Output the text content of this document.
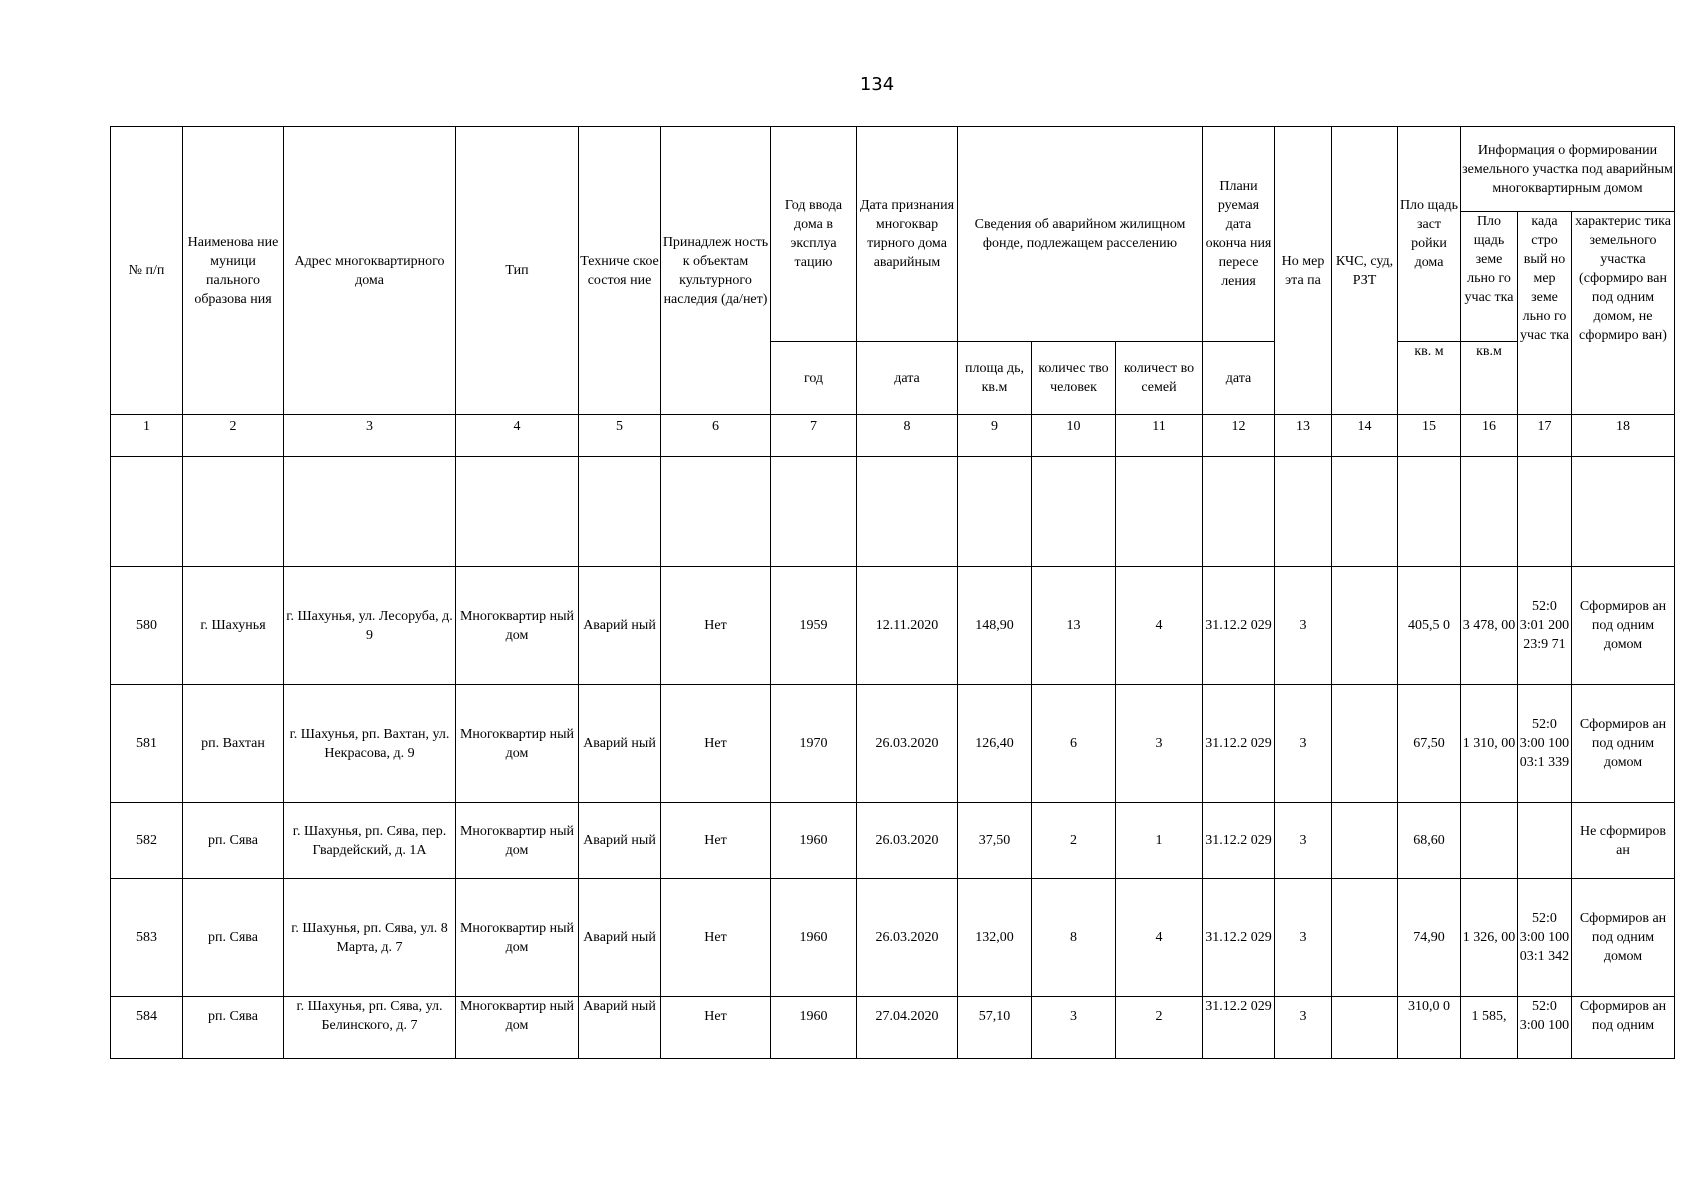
134
№ п/п	Наименова ние муници пального образова ния	Адрес многоквартирного дома	Тип	Техниче ское состоя ние	Принадлеж ность к объектам культурного наследия (да/нет)	Год ввода дома в эксплуа тацию	Дата признания многоквар тирного дома аварийным	Сведения об аварийном жилищном фонде, подлежащем расселению			Плани руемая дата оконча ния пересе ления	Но мер эта па	КЧС, суд, РЗТ	Пло щадь заст ройки дома	Информация о формировании земельного участка под аварийным многоквартирным домом		
															Пло щадь земе льно го учас тка	када стро вый но мер земе льно го учас тка	характерис тика земельного участка (сформиро ван под одним домом, не сформиро ван)
						год	дата	площа дь, кв.м	количес тво человек	количест во семей	дата			кв. м	кв.м		
1	2	3	4	5	6	7	8	9	10	11	12	13	14	15	16	17	18

580	г. Шахунья	г. Шахунья, ул. Лесоруба, д. 9	Многоквартир ный дом	Аварий ный	Нет	1959	12.11.2020	148,90	13	4	31.12.2 029	3		405,5 0	3 478, 00	52:0 3:01 200 23:9 71	Сформиров ан под одним домом
581	рп. Вахтан	г. Шахунья, рп. Вахтан, ул. Некрасова, д. 9	Многоквартир ный дом	Аварий ный	Нет	1970	26.03.2020	126,40	6	3	31.12.2 029	3		67,50	1 310, 00	52:0 3:00 100 03:1 339	Сформиров ан под одним домом
582	рп. Сява	г. Шахунья, рп. Сява, пер. Гвардейский, д. 1А	Многоквартир ный дом	Аварий ный	Нет	1960	26.03.2020	37,50	2	1	31.12.2 029	3		68,60			Не сформиров ан
583	рп. Сява	г. Шахунья, рп. Сява, ул. 8 Марта, д. 7	Многоквартир ный дом	Аварий ный	Нет	1960	26.03.2020	132,00	8	4	31.12.2 029	3		74,90	1 326, 00	52:0 3:00 100 03:1 342	Сформиров ан под одним домом
584	рп. Сява	г. Шахунья, рп. Сява, ул. Белинского, д. 7	Многоквартир ный дом	Аварий ный	Нет	1960	27.04.2020	57,10	3	2	31.12.2 029	3		310,0 0	1 585,	52:0 3:00 100	Сформиров ан под одним
